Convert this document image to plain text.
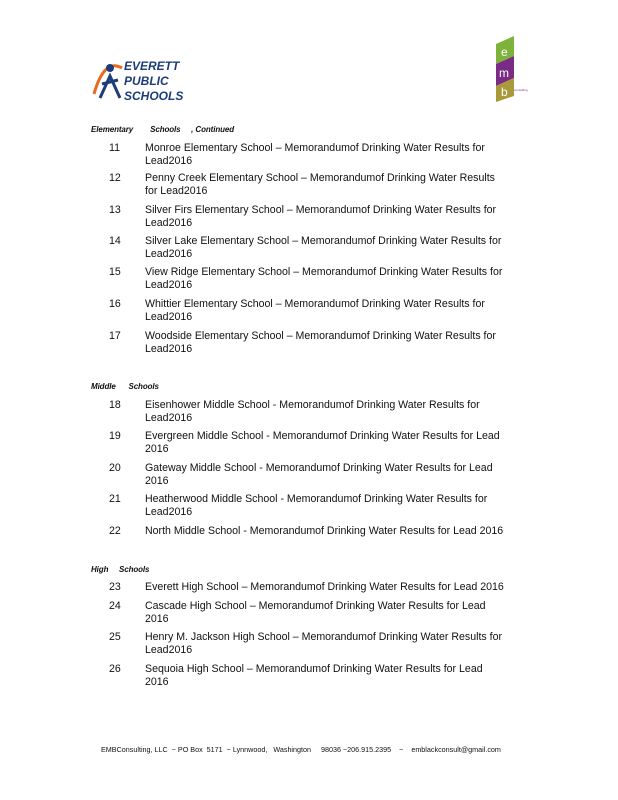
EVERETT
PUBLIC
SCHOOLS
e
m
b consulting
Elementary        Schools     , Continued
11 Monroe Elementary School – Memorandumof Drinking Water Results for
Lead2016
12 Penny Creek Elementary School – Memorandumof Drinking Water Results
for Lead2016
13 Silver Firs Elementary School – Memorandumof Drinking Water Results for
Lead2016
14 Silver Lake Elementary School – Memorandumof Drinking Water Results for
Lead2016
15 View Ridge Elementary School – Memorandumof Drinking Water Results for
Lead2016
16 Whittier Elementary School – Memorandumof Drinking Water Results for
Lead2016
17 Woodside Elementary School – Memorandumof Drinking Water Results for
Lead2016
Middle      Schools
18 Eisenhower Middle School - Memorandumof Drinking Water Results for
Lead2016
19 Evergreen Middle School - Memorandumof Drinking Water Results for Lead
2016
20 Gateway Middle School - Memorandumof Drinking Water Results for Lead
2016
21 Heatherwood Middle School - Memorandumof Drinking Water Results for
Lead2016
22 North Middle School - Memorandumof Drinking Water Results for Lead 2016
High     Schools
23 Everett High School – Memorandumof Drinking Water Results for Lead 2016
24 Cascade High School – Memorandumof Drinking Water Results for Lead
2016
25 Henry M. Jackson High School – Memorandumof Drinking Water Results for
Lead2016
26 Sequoia High School – Memorandumof Drinking Water Results for Lead
2016
EMBConsulting, LLC  ~ PO Box  5171  ~ Lynnwood,   Washington     98036 ~206.915.2395    ~    emblackconsult@gmail.com
